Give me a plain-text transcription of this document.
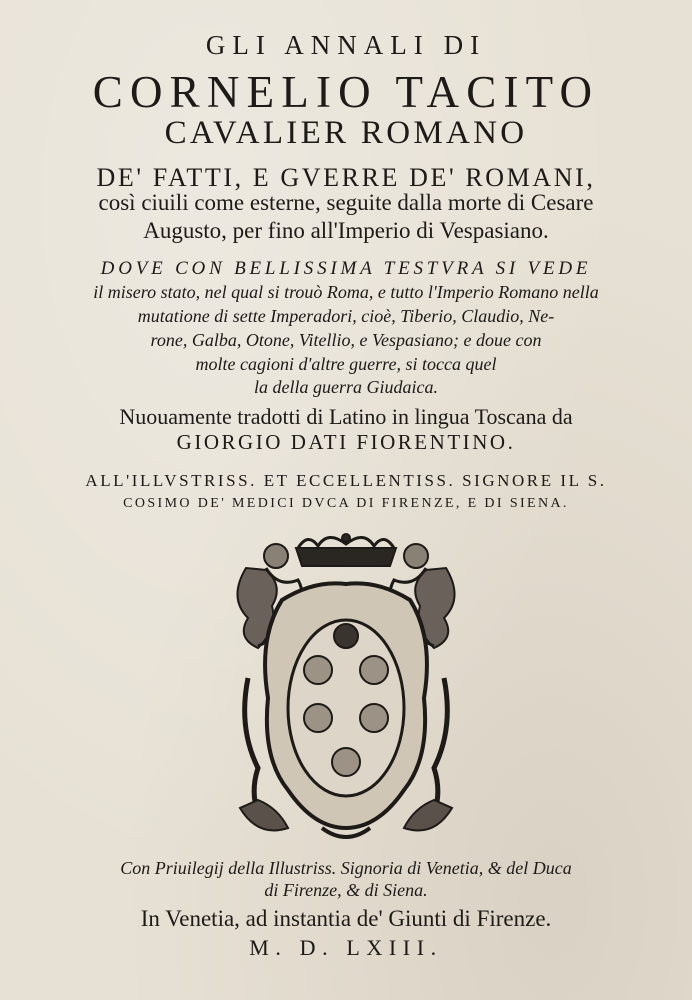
GLI ANNALI DI
CORNELIO TACITO
CAVALIER ROMANO
DE' FATTI, E GVERRE DE' ROMANI,
così ciuili come esterne, seguite dalla morte di Cesare
Augusto, per fino all'Imperio di Vespasiano.
DOVE CON BELLISSIMA TESTVRA SI VEDE
il misero stato, nel qual si trouò Roma, e tutto l'Imperio Romano nella
mutatione di sette Imperadori, cioè, Tiberio, Claudio, Ne-
rone, Galba, Otone, Vitellio, e Vespasiano; e doue con
molte cagioni d'altre guerre, si tocca quel
la della guerra Giudaica.
Nuouamente tradotti di Latino in lingua Toscana da
GIORGIO DATI FIORENTINO.
ALL'ILLVSTRISS. ET ECCELLENTISS. SIGNORE IL S.
COSIMO DE' MEDICI DVCA DI FIRENZE, E DI SIENA.
Con Priuilegij della Illustriss. Signoria di Venetia, & del Duca
di Firenze, & di Siena.
In Venetia, ad instantia de' Giunti di Firenze.
M. D. LXIII.
